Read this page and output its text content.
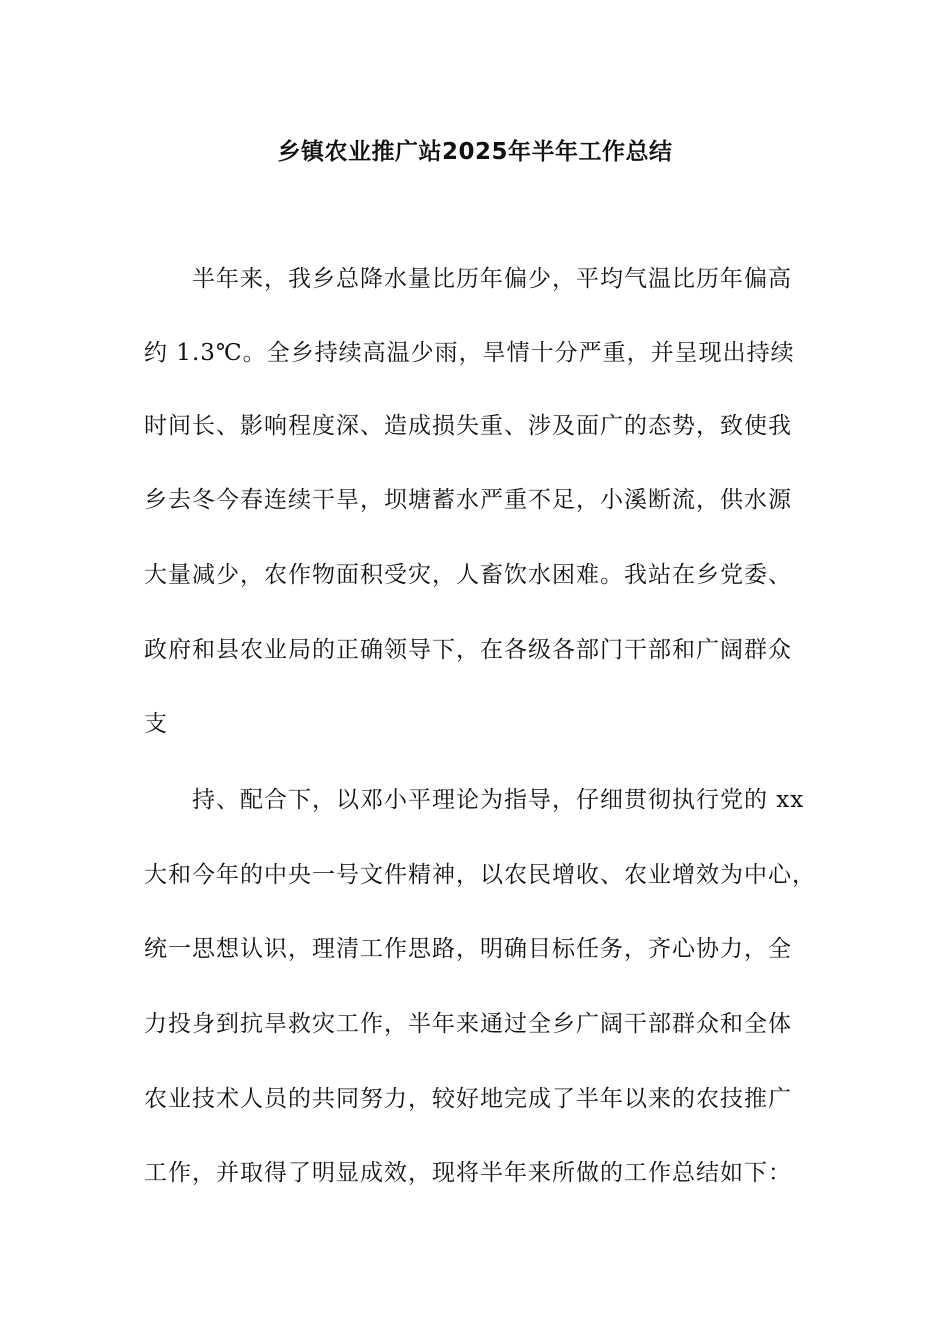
乡镇农业推广站2025年半年工作总结

半年来，我乡总降水量比历年偏少，平均气温比历年偏高

约 1.3℃。全乡持续高温少雨，旱情十分严重，并呈现出持续

时间长、影响程度深、造成损失重、涉及面广的态势，致使我

乡去冬今春连续干旱，坝塘蓄水严重不足，小溪断流，供水源

大量减少，农作物面积受灾，人畜饮水困难。我站在乡党委、

政府和县农业局的正确领导下，在各级各部门干部和广阔群众

支

持、配合下，以邓小平理论为指导，仔细贯彻执行党的 xx

大和今年的中央一号文件精神，以农民增收、农业增效为中心，

统一思想认识，理清工作思路，明确目标任务，齐心协力，全

力投身到抗旱救灾工作，半年来通过全乡广阔干部群众和全体

农业技术人员的共同努力，较好地完成了半年以来的农技推广

工作，并取得了明显成效，现将半年来所做的工作总结如下：
